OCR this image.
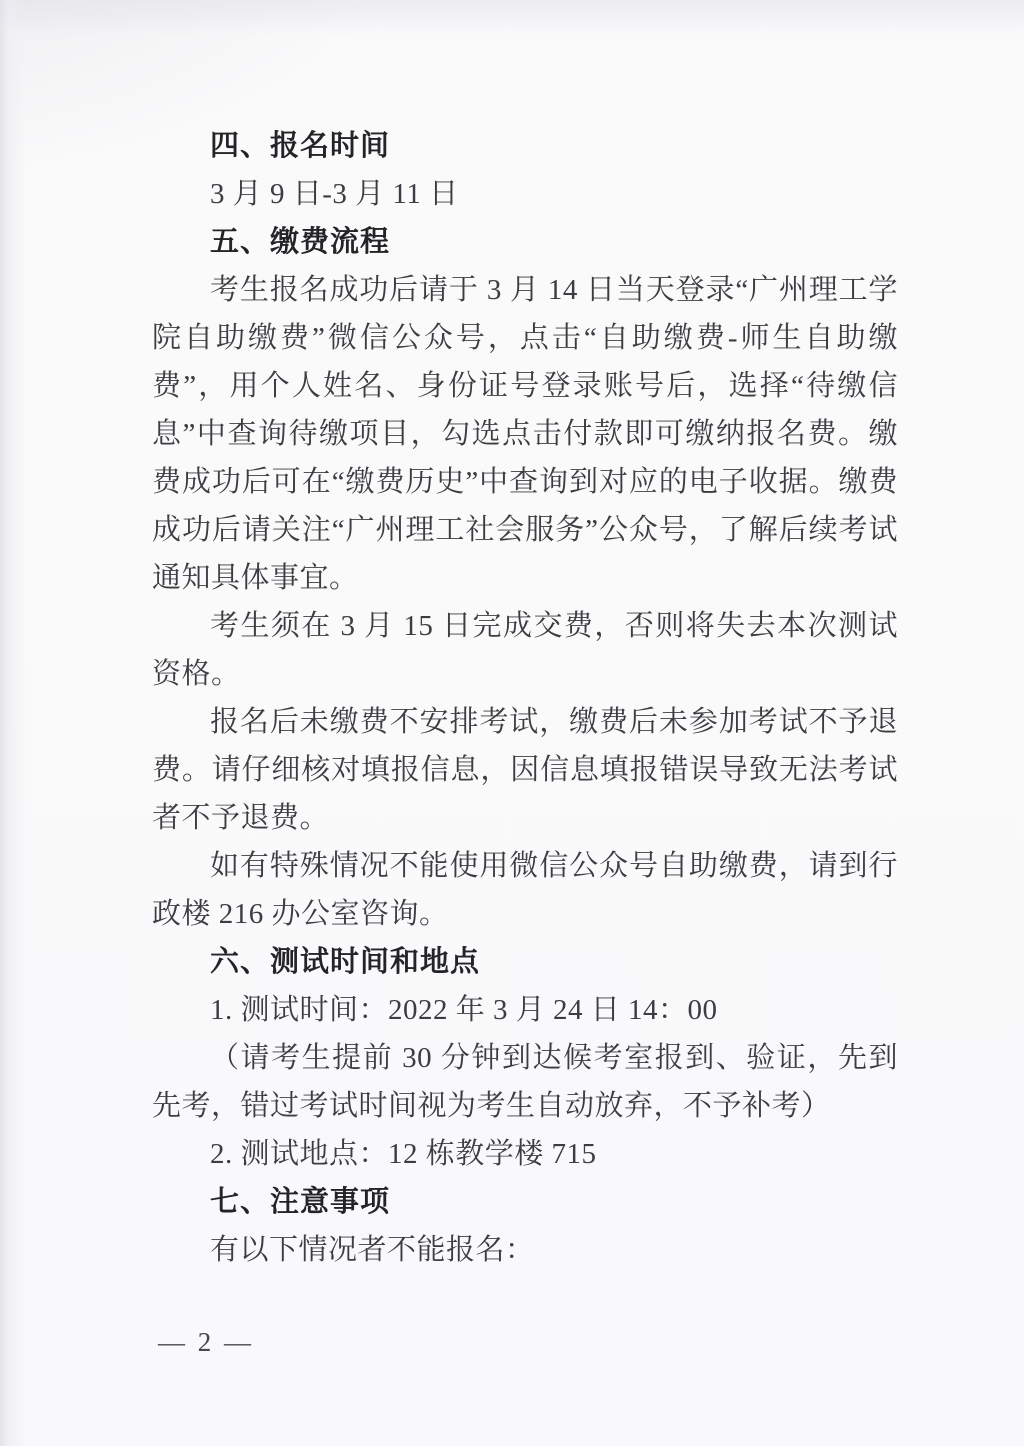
四、报名时间

3 月 9 日-3 月 11 日

五、缴费流程

考生报名成功后请于 3 月 14 日当天登录“广州理工学院自助缴费”微信公众号，点击“自助缴费-师生自助缴费”，用个人姓名、身份证号登录账号后，选择“待缴信息”中查询待缴项目，勾选点击付款即可缴纳报名费。缴费成功后可在“缴费历史”中查询到对应的电子收据。缴费成功后请关注“广州理工社会服务”公众号，了解后续考试通知具体事宜。

考生须在 3 月 15 日完成交费，否则将失去本次测试资格。

报名后未缴费不安排考试，缴费后未参加考试不予退费。请仔细核对填报信息，因信息填报错误导致无法考试者不予退费。

如有特殊情况不能使用微信公众号自助缴费，请到行政楼 216 办公室咨询。

六、测试时间和地点

1. 测试时间：2022 年 3 月 24 日 14：00

（请考生提前 30 分钟到达候考室报到、验证，先到先考，错过考试时间视为考生自动放弃，不予补考）

2. 测试地点：12 栋教学楼 715

七、注意事项

有以下情况者不能报名：

— 2 —
